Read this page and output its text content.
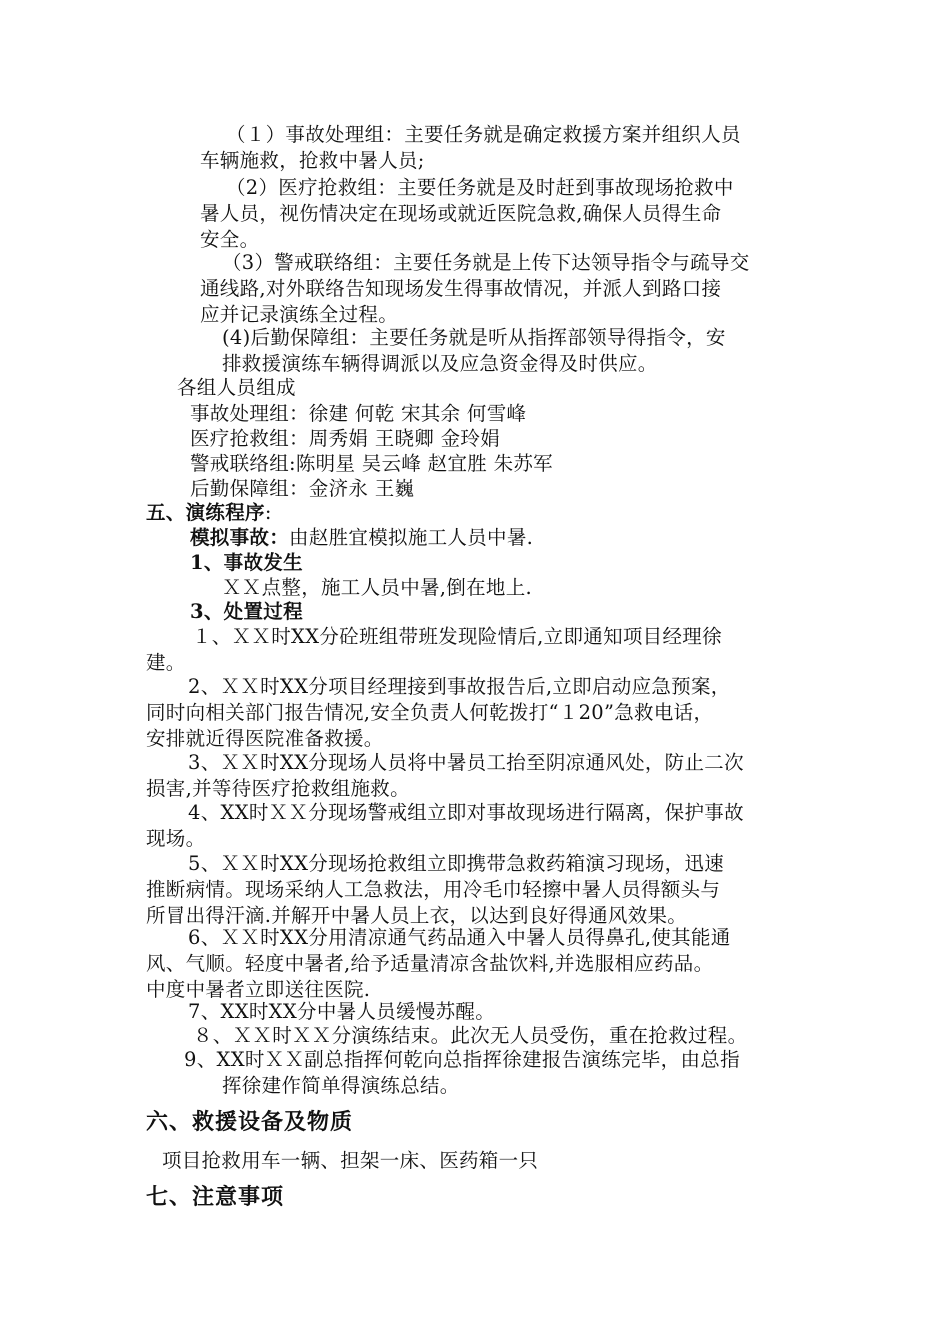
（１）事故处理组：主要任务就是确定救援方案并组织人员
车辆施救，抢救中暑人员;
（2）医疗抢救组：主要任务就是及时赶到事故现场抢救中
暑人员，视伤情决定在现场或就近医院急救,确保人员得生命
安全。
（3）警戒联络组：主要任务就是上传下达领导指令与疏导交
通线路,对外联络告知现场发生得事故情况，并派人到路口接
应并记录演练全过程。
(4)后勤保障组：主要任务就是听从指挥部领导得指令，安
排救援演练车辆得调派以及应急资金得及时供应。
各组人员组成
事故处理组：徐建 何乾 宋其余 何雪峰
医疗抢救组：周秀娟 王晓卿 金玲娟
警戒联络组:陈明星 吴云峰 赵宜胜 朱苏军
后勤保障组：金济永 王巍
五、演练程序:
模拟事故：由赵胜宜模拟施工人员中暑.
1、事故发生
ＸＸ点整，施工人员中暑,倒在地上.
3、处置过程
１、ＸＸ时XX分砼班组带班发现险情后,立即通知项目经理徐
建。
2、ＸＸ时XX分项目经理接到事故报告后,立即启动应急预案，
同时向相关部门报告情况,安全负责人何乾拨打“１20”急救电话，
安排就近得医院准备救援。
3、ＸＸ时XX分现场人员将中暑员工抬至阴凉通风处，防止二次
损害,并等待医疗抢救组施救。
4、XX时ＸＸ分现场警戒组立即对事故现场进行隔离，保护事故
现场。
5、ＸＸ时XX分现场抢救组立即携带急救药箱演习现场，迅速
推断病情。现场采纳人工急救法，用冷毛巾轻擦中暑人员得额头与
所冒出得汗滴.并解开中暑人员上衣，以达到良好得通风效果。
6、ＸＸ时XX分用清凉通气药品通入中暑人员得鼻孔,使其能通
风、气顺。轻度中暑者,给予适量清凉含盐饮料,并选服相应药品。
中度中暑者立即送往医院.
7、XX时XX分中暑人员缓慢苏醒。
８、ＸＸ时ＸＸ分演练结束。此次无人员受伤，重在抢救过程。
9、XX时ＸＸ副总指挥何乾向总指挥徐建报告演练完毕，由总指
挥徐建作简单得演练总结。
六、救援设备及物质
项目抢救用车一辆、担架一床、医药箱一只
七、注意事项
